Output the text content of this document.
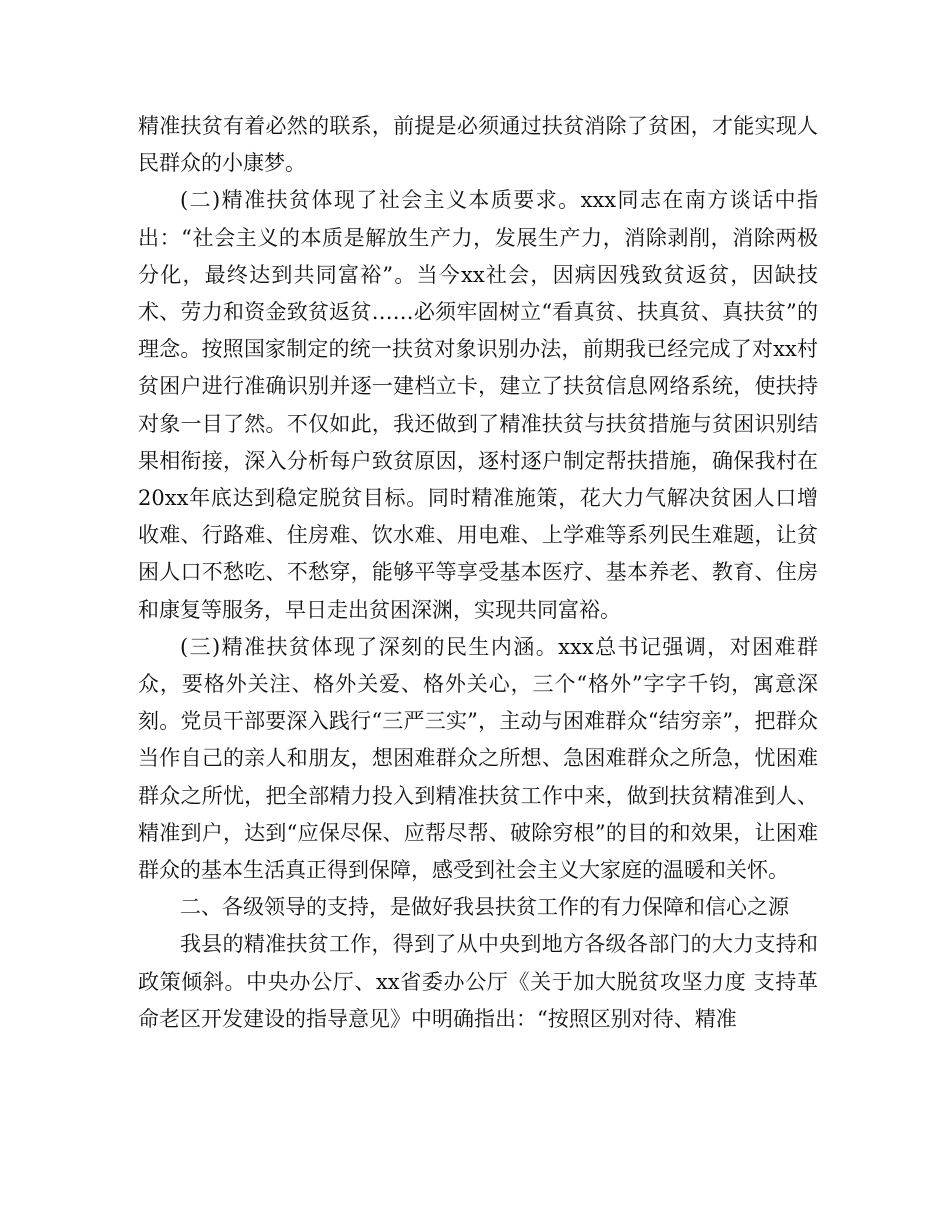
精准扶贫有着必然的联系，前提是必须通过扶贫消除了贫困，才能实现人民群众的小康梦。

(二)精准扶贫体现了社会主义本质要求。xxx同志在南方谈话中指出：“社会主义的本质是解放生产力，发展生产力，消除剥削，消除两极分化，最终达到共同富裕”。当今xx社会，因病因残致贫返贫，因缺技术、劳力和资金致贫返贫……必须牢固树立“看真贫、扶真贫、真扶贫”的理念。按照国家制定的统一扶贫对象识别办法，前期我已经完成了对xx村贫困户进行准确识别并逐一建档立卡，建立了扶贫信息网络系统，使扶持对象一目了然。不仅如此，我还做到了精准扶贫与扶贫措施与贫困识别结果相衔接，深入分析每户致贫原因，逐村逐户制定帮扶措施，确保我村在20xx年底达到稳定脱贫目标。同时精准施策，花大力气解决贫困人口增收难、行路难、住房难、饮水难、用电难、上学难等系列民生难题，让贫困人口不愁吃、不愁穿，能够平等享受基本医疗、基本养老、教育、住房和康复等服务，早日走出贫困深渊，实现共同富裕。

(三)精准扶贫体现了深刻的民生内涵。xxx总书记强调，对困难群众，要格外关注、格外关爱、格外关心，三个“格外”字字千钧，寓意深刻。党员干部要深入践行“三严三实”，主动与困难群众“结穷亲”，把群众当作自己的亲人和朋友，想困难群众之所想、急困难群众之所急，忧困难群众之所忧，把全部精力投入到精准扶贫工作中来，做到扶贫精准到人、精准到户，达到“应保尽保、应帮尽帮、破除穷根”的目的和效果，让困难群众的基本生活真正得到保障，感受到社会主义大家庭的温暖和关怀。

二、各级领导的支持，是做好我县扶贫工作的有力保障和信心之源

我县的精准扶贫工作，得到了从中央到地方各级各部门的大力支持和政策倾斜。中央办公厅、xx省委办公厅《关于加大脱贫攻坚力度 支持革命老区开发建设的指导意见》中明确指出：“按照区别对待、精准
